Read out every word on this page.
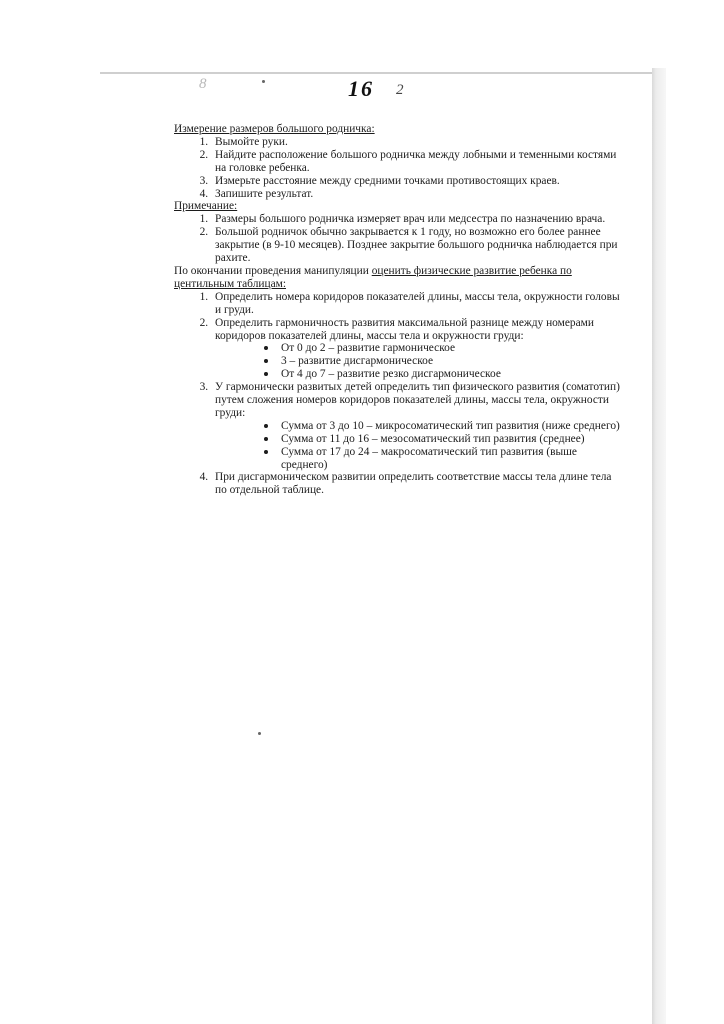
8	16 2

Измерение размеров большого родничка:

1. Вымойте руки.
2. Найдите расположение большого родничка между лобными и теменными костями на головке ребенка.
3. Измерьте расстояние между средними точками противостоящих краев.
4. Запишите результат.

Примечание:

1. Размеры большого родничка измеряет врач или медсестра по назначению врача.
2. Большой родничок обычно закрывается к 1 году, но возможно его более раннее закрытие (в 9-10 месяцев). Позднее закрытие большого родничка наблюдается при рахите.

По окончании проведения манипуляции оценить физические развитие ребенка по центильным таблицам:

1. Определить номера коридоров показателей длины, массы тела, окружности головы и груди.
2. Определить гармоничность развития максимальной разнице между номерами коридоров показателей длины, массы тела и окружности груди:
От 0 до 2 – развитие гармоническое
3 – развитие дисгармоническое
От 4 до 7 – развитие резко дисгармоническое
3. У гармонически развитых детей определить тип физического развития (соматотип) путем сложения номеров коридоров показателей длины, массы тела, окружности груди:
Сумма от 3 до 10 – микросоматический тип развития (ниже среднего)
Сумма от 11 до 16 – мезосоматический тип развития (среднее)
Сумма от 17 до 24 – макросоматический тип развития (выше среднего)
4. При дисгармоническом развитии определить соответствие массы тела длине тела по отдельной таблице.
